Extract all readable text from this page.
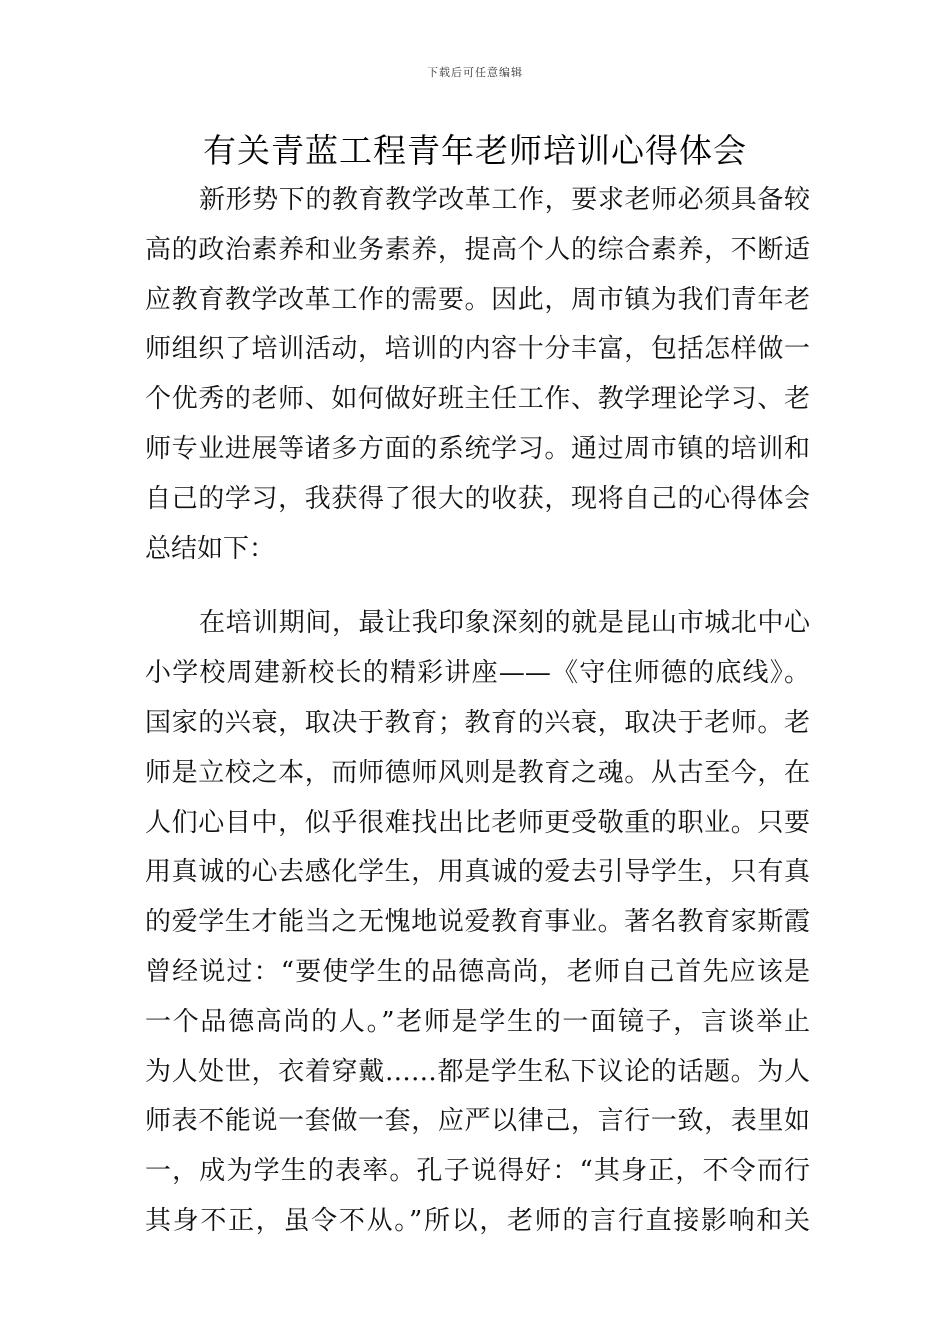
下载后可任意编辑
有关青蓝工程青年老师培训心得体会
新形势下的教育教学改革工作，要求老师必须具备较
高的政治素养和业务素养，提高个人的综合素养，不断适
应教育教学改革工作的需要。因此，周市镇为我们青年老
师组织了培训活动，培训的内容十分丰富，包括怎样做一
个优秀的老师、如何做好班主任工作、教学理论学习、老
师专业进展等诸多方面的系统学习。通过周市镇的培训和
自己的学习，我获得了很大的收获，现将自己的心得体会
总结如下：
在培训期间，最让我印象深刻的就是昆山市城北中心
小学校周建新校长的精彩讲座——《守住师德的底线》。
国家的兴衰，取决于教育；教育的兴衰，取决于老师。老
师是立校之本，而师德师风则是教育之魂。从古至今，在
人们心目中，似乎很难找出比老师更受敬重的职业。只要
用真诚的心去感化学生，用真诚的爱去引导学生，只有真
的爱学生才能当之无愧地说爱教育事业。著名教育家斯霞
曾经说过：“要使学生的品德高尚，老师自己首先应该是
一个品德高尚的人。”老师是学生的一面镜子，言谈举止
为人处世，衣着穿戴……都是学生私下议论的话题。为人
师表不能说一套做一套，应严以律己，言行一致，表里如
一，成为学生的表率。孔子说得好：“其身正，不令而行
其身不正，虽令不从。”所以，老师的言行直接影响和关
